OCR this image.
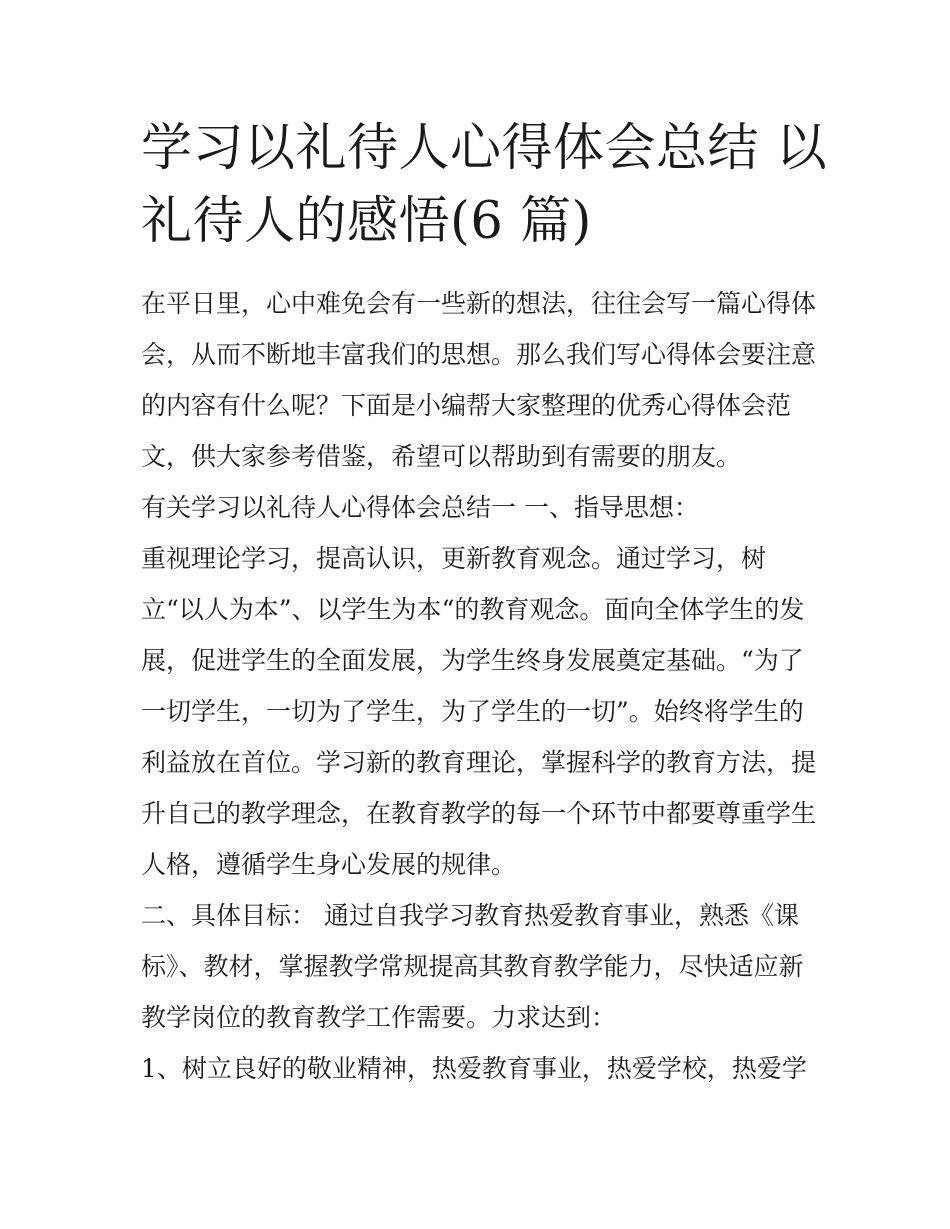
学习以礼待人心得体会总结 以
礼待人的感悟(6 篇)
在平日里，心中难免会有一些新的想法，往往会写一篇心得体
会，从而不断地丰富我们的思想。那么我们写心得体会要注意
的内容有什么呢？下面是小编帮大家整理的优秀心得体会范
文，供大家参考借鉴，希望可以帮助到有需要的朋友。
有关学习以礼待人心得体会总结一 一、指导思想：
重视理论学习，提高认识，更新教育观念。通过学习，树
立“以人为本”、以学生为本“的教育观念。面向全体学生的发
展，促进学生的全面发展，为学生终身发展奠定基础。“为了
一切学生，一切为了学生，为了学生的一切”。始终将学生的
利益放在首位。学习新的教育理论，掌握科学的教育方法，提
升自己的教学理念，在教育教学的每一个环节中都要尊重学生
人格，遵循学生身心发展的规律。
二、具体目标： 通过自我学习教育热爱教育事业，熟悉《课
标》、教材，掌握教学常规提高其教育教学能力，尽快适应新
教学岗位的教育教学工作需要。力求达到：
1、树立良好的敬业精神，热爱教育事业，热爱学校，热爱学
